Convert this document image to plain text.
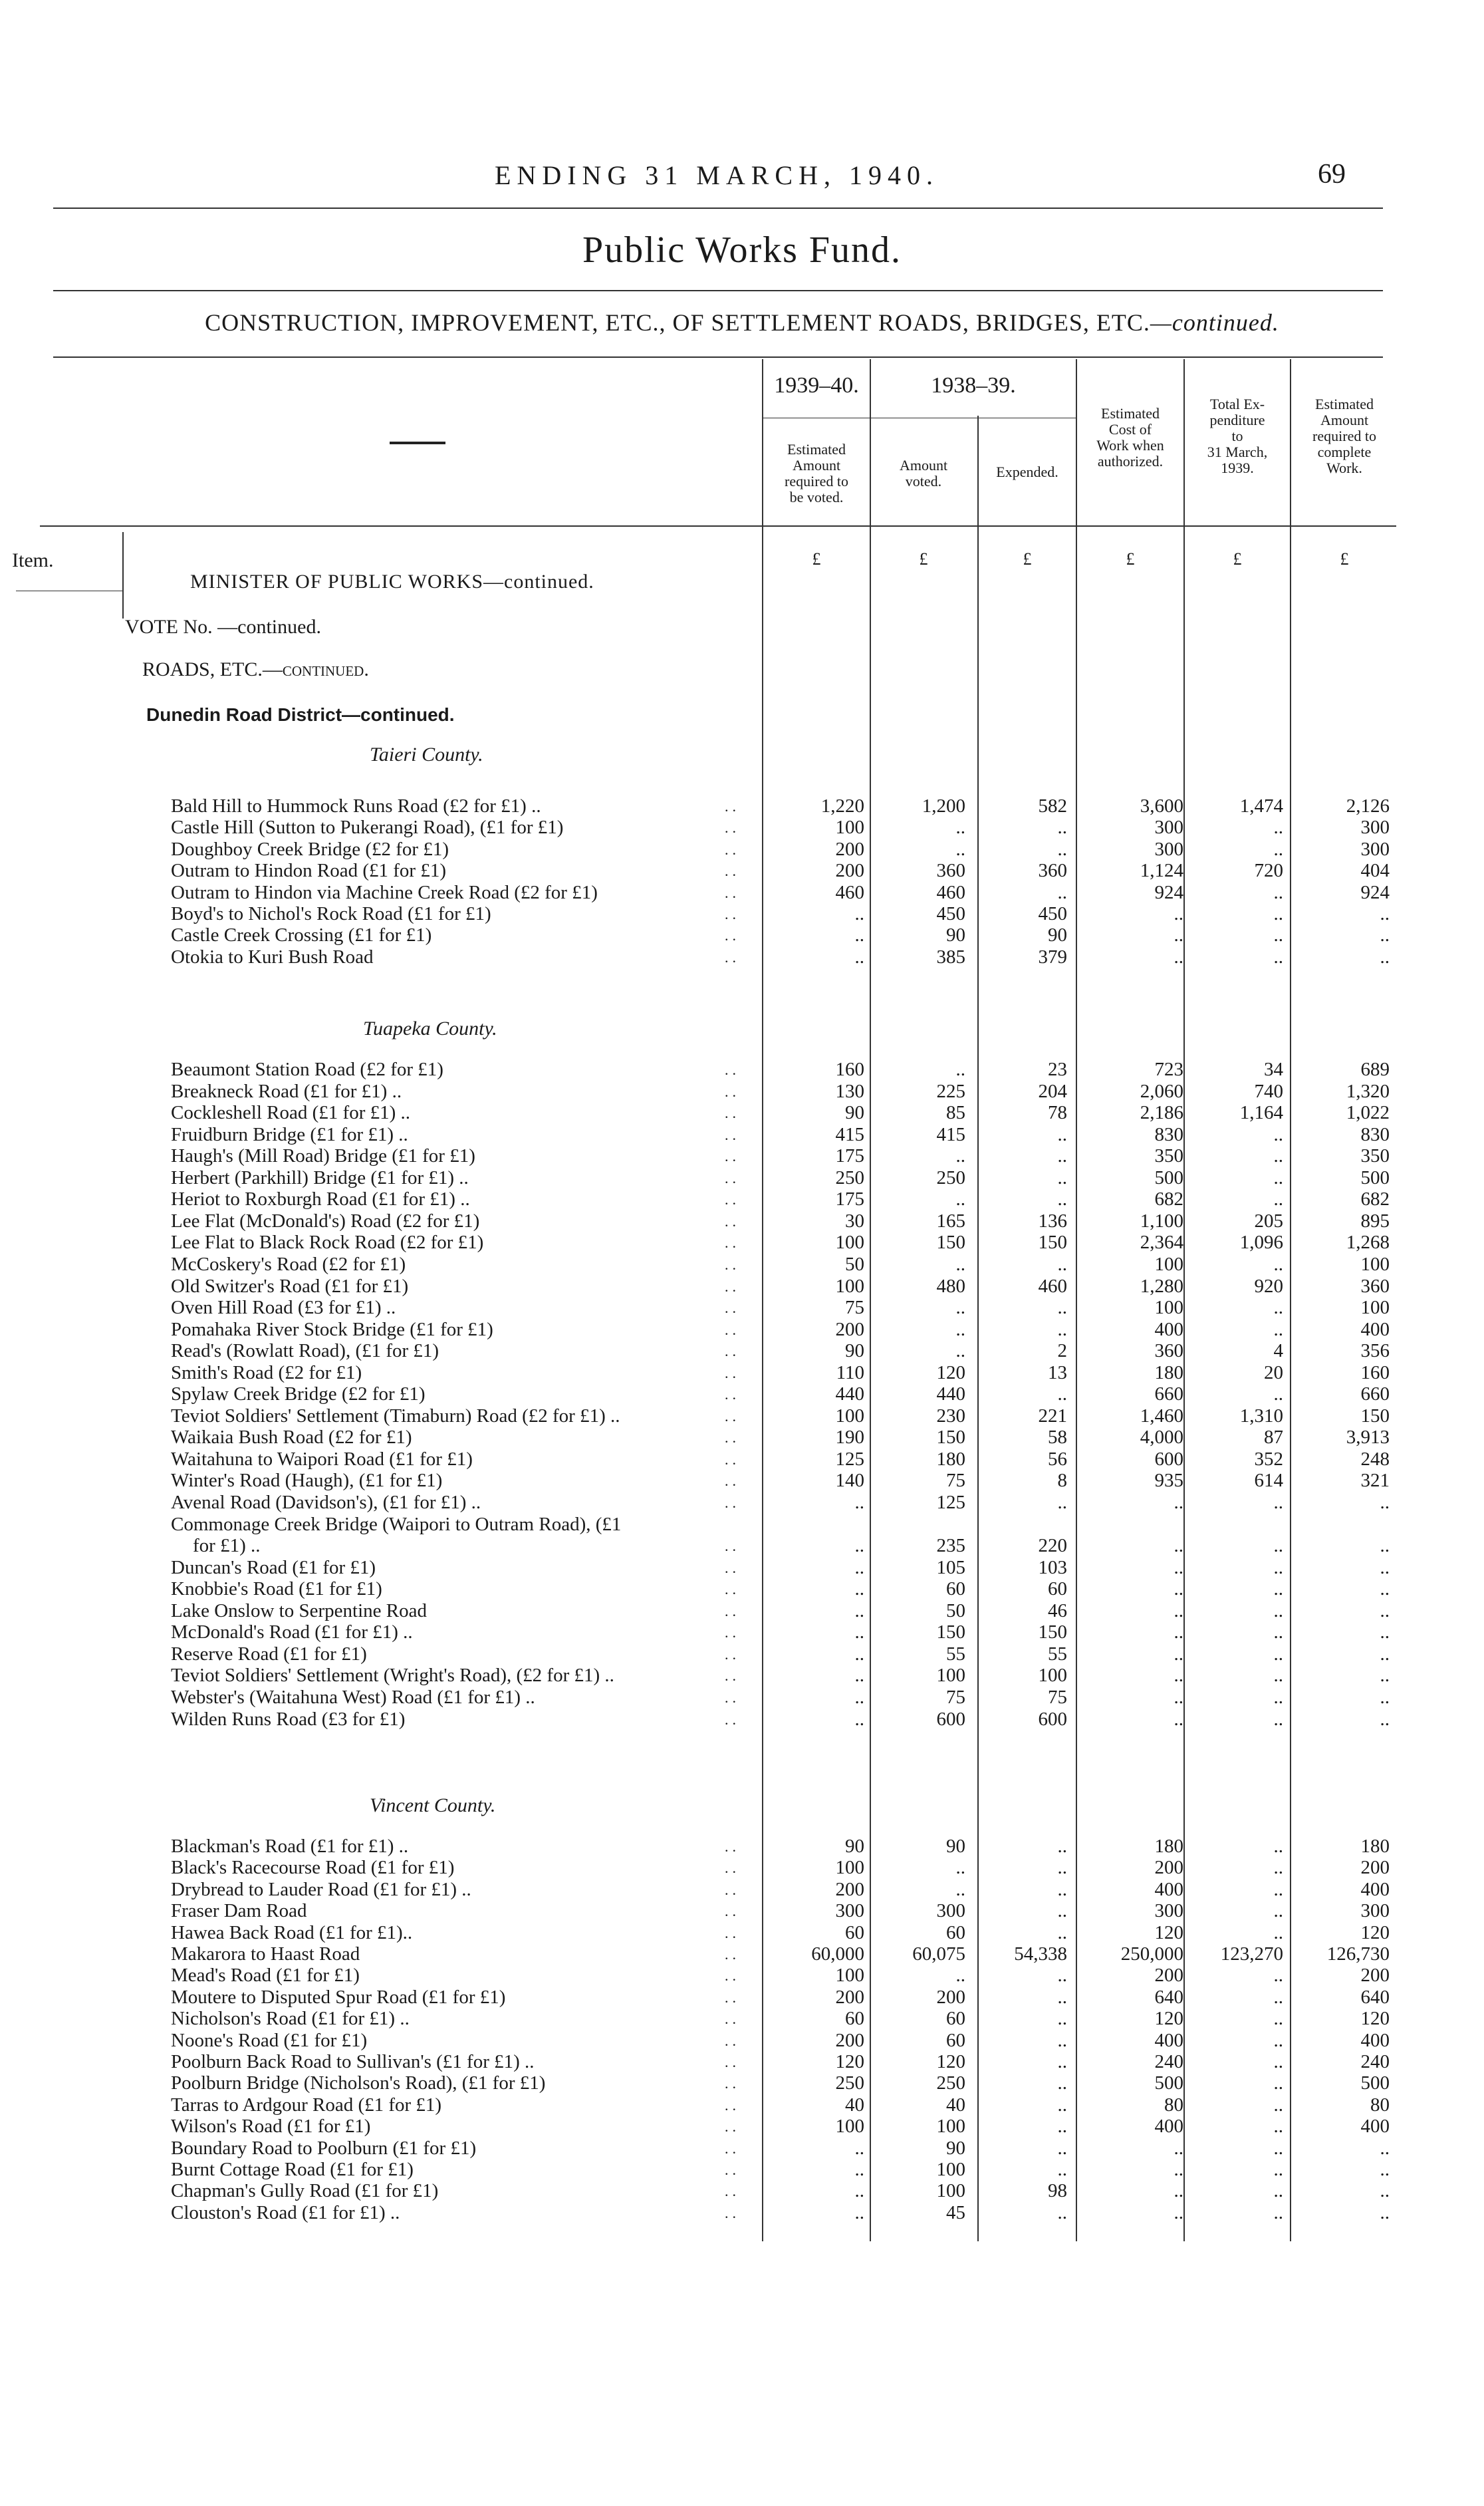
ENDING 31 MARCH, 1940.	69
Public Works Fund.
CONSTRUCTION, IMPROVEMENT, ETC., OF SETTLEMENT ROADS, BRIDGES, ETC.—continued.
1939–40.	1938–39.
Estimated
Amount
required to
be voted.
Amount
voted.
Expended.
Estimated
Cost of
Work when
authorized.
Total Ex-
penditure
to
31 March,
1939.
Estimated
Amount
required to
complete
Work.
Item.	£	£	£	£	£	£
MINISTER OF PUBLIC WORKS—continued.
VOTE No. —continued.
ROADS, ETC.—continued.
Dunedin Road District—continued.
Taieri County.
Tuapeka County.
Vincent County.
Bald Hill to Hummock Runs Road (£2 for £1) ..	..	1,220	1,200	582	3,600	1,474	2,126
Castle Hill (Sutton to Pukerangi Road), (£1 for £1)	..	100	..	..	300	..	300
Doughboy Creek Bridge (£2 for £1)	..	200	..	..	300	..	300
Outram to Hindon Road (£1 for £1)	..	200	360	360	1,124	720	404
Outram to Hindon via Machine Creek Road (£2 for £1)	..	460	460	..	924	..	924
Boyd's to Nichol's Rock Road (£1 for £1)	..	..	450	450	..	..	..
Castle Creek Crossing (£1 for £1)	..	..	90	90	..	..	..
Otokia to Kuri Bush Road	..	..	385	379	..	..	..
Beaumont Station Road (£2 for £1)	..	160	..	23	723	34	689
Breakneck Road (£1 for £1) ..	..	130	225	204	2,060	740	1,320
Cockleshell Road (£1 for £1) ..	..	90	85	78	2,186	1,164	1,022
Fruidburn Bridge (£1 for £1) ..	..	415	415	..	830	..	830
Haugh's (Mill Road) Bridge (£1 for £1)	..	175	..	..	350	..	350
Herbert (Parkhill) Bridge (£1 for £1) ..	..	250	250	..	500	..	500
Heriot to Roxburgh Road (£1 for £1) ..	..	175	..	..	682	..	682
Lee Flat (McDonald's) Road (£2 for £1)	..	30	165	136	1,100	205	895
Lee Flat to Black Rock Road (£2 for £1)	..	100	150	150	2,364	1,096	1,268
McCoskery's Road (£2 for £1)	..	50	..	..	100	..	100
Old Switzer's Road (£1 for £1)	..	100	480	460	1,280	920	360
Oven Hill Road (£3 for £1) ..	..	75	..	..	100	..	100
Pomahaka River Stock Bridge (£1 for £1)	..	200	..	..	400	..	400
Read's (Rowlatt Road), (£1 for £1)	..	90	..	2	360	4	356
Smith's Road (£2 for £1)	..	110	120	13	180	20	160
Spylaw Creek Bridge (£2 for £1)	..	440	440	..	660	..	660
Teviot Soldiers' Settlement (Timaburn) Road (£2 for £1) ..	..	100	230	221	1,460	1,310	150
Waikaia Bush Road (£2 for £1)	..	190	150	58	4,000	87	3,913
Waitahuna to Waipori Road (£1 for £1)	..	125	180	56	600	352	248
Winter's Road (Haugh), (£1 for £1)	..	140	75	8	935	614	321
Avenal Road (Davidson's), (£1 for £1) ..	..	..	125	..	..	..	..
Commonage Creek Bridge (Waipori to Outram Road), (£1
for £1) ..	..	..	235	220	..	..	..
Duncan's Road (£1 for £1)	..	..	105	103	..	..	..
Knobbie's Road (£1 for £1)	..	..	60	60	..	..	..
Lake Onslow to Serpentine Road	..	..	50	46	..	..	..
McDonald's Road (£1 for £1) ..	..	..	150	150	..	..	..
Reserve Road (£1 for £1)	..	..	55	55	..	..	..
Teviot Soldiers' Settlement (Wright's Road), (£2 for £1) ..	..	..	100	100	..	..	..
Webster's (Waitahuna West) Road (£1 for £1) ..	..	..	75	75	..	..	..
Wilden Runs Road (£3 for £1)	..	..	600	600	..	..	..
Blackman's Road (£1 for £1) ..	..	90	90	..	180	..	180
Black's Racecourse Road (£1 for £1)	..	100	..	..	200	..	200
Drybread to Lauder Road (£1 for £1) ..	..	200	..	..	400	..	400
Fraser Dam Road	..	300	300	..	300	..	300
Hawea Back Road (£1 for £1)..	..	60	60	..	120	..	120
Makarora to Haast Road	..	60,000	60,075	54,338	250,000	123,270	126,730
Mead's Road (£1 for £1)	..	100	..	..	200	..	200
Moutere to Disputed Spur Road (£1 for £1)	..	200	200	..	640	..	640
Nicholson's Road (£1 for £1) ..	..	60	60	..	120	..	120
Noone's Road (£1 for £1)	..	200	60	..	400	..	400
Poolburn Back Road to Sullivan's (£1 for £1) ..	..	120	120	..	240	..	240
Poolburn Bridge (Nicholson's Road), (£1 for £1)	..	250	250	..	500	..	500
Tarras to Ardgour Road (£1 for £1)	..	40	40	..	80	..	80
Wilson's Road (£1 for £1)	..	100	100	..	400	..	400
Boundary Road to Poolburn (£1 for £1)	..	..	90	..	..	..	..
Burnt Cottage Road (£1 for £1)	..	..	100	..	..	..	..
Chapman's Gully Road (£1 for £1)	..	..	100	98	..	..	..
Clouston's Road (£1 for £1) ..	..	..	45	..	..	..	..
